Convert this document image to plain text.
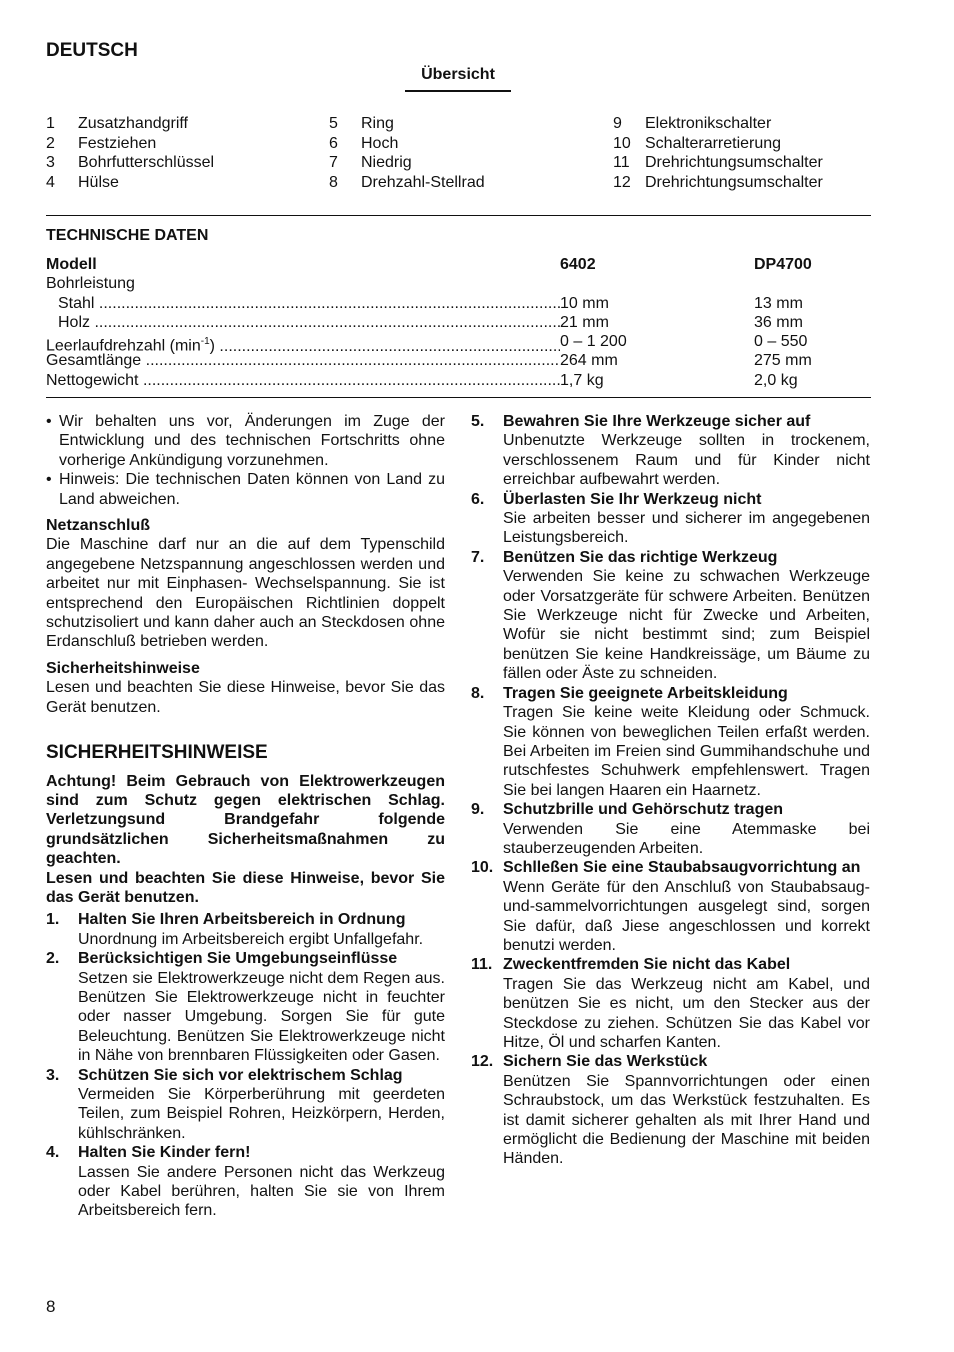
DEUTSCH
Übersicht
1	Zusatzhandgriff
2	Festziehen
3	Bohrfutterschlüssel
4	Hülse
5	Ring
6	Hoch
7	Niedrig
8	Drehzahl-Stellrad
9	Elektronikschalter
10 Schalterarretierung
11 Drehrichtungsumschalter
12 Drehrichtungsumschalter
TECHNISCHE DATEN
Modell	6402	DP4700
Bohrleistung
Stahl .....	10 mm	13 mm
Holz .....	21 mm	36 mm
Leerlaufdrehzahl $(\min^{-1})$ .....	0 – 1 200	0 – 550
Gesamtlänge .....	264 mm	275 mm
Nettogewicht .....	1,7 kg	2,0 kg

• Wir behalten uns vor, Änderungen im Zuge der Entwicklung und des technischen Fortschritts ohne vorherige Ankündigung vorzunehmen.

• Hinweis: Die technischen Daten können von Land zu Land abweichen.

Netzanschluß

Die Maschine darf nur an die auf dem Typenschild angegebene Netzspannung angeschlossen werden und arbeitet nur mit Einphasen- Wechselspannung. Sie ist entsprechend den Europäischen Richtlinien doppelt schutzisoliert und kann daher auch an Steckdosen ohne Erdanschluß betrieben werden.

Sicherheitshinweise

Lesen und beachten Sie diese Hinweise, bevor Sie das Gerät benutzen.

SICHERHEITSHINWEISE

Achtung! Beim Gebrauch von Elektrowerkzeugen sind zum Schutz gegen elektrischen Schlag. Verletzungsund Brandgefahr folgende grundsätzlichen Sicherheitsmaßnahmen zu geachten.

Lesen und beachten Sie diese Hinweise, bevor Sie das Gerät benutzen.

1. Halten Sie Ihren Arbeitsbereich in Ordnung

Unordnung im Arbeitsbereich ergibt Unfallgefahr.

2. Berücksichtigen Sie Umgebungseinflüsse

Setzen sie Elektrowerkzeuge nicht dem Regen aus. Benützen Sie Elektrowerkzeuge nicht in feuchter oder nasser Umgebung. Sorgen Sie für gute Beleuchtung. Benützen Sie Elektrowerkzeuge nicht in Nähe von brennbaren Flüssigkeiten oder Gasen.

3. Schützen Sie sich vor elektrischem Schlag

Vermeiden Sie Körperberührung mit geerdeten Teilen, zum Beispiel Rohren, Heizkörpern, Herden, kühlschränken.

4. Halten Sie Kinder fern!

Lassen Sie andere Personen nicht das Werkzeug oder Kabel berühren, halten Sie sie von Ihrem Arbeitsbereich fern.

5. Bewahren Sie Ihre Werkzeuge sicher auf

Unbenutzte Werkzeuge sollten in trockenem, verschlossenem Raum und für Kinder nicht erreichbar aufbewahrt werden.

6. Überlasten Sie Ihr Werkzeug nicht

Sie arbeiten besser und sicherer im angegebenen Leistungsbereich.

7. Benützen Sie das richtige Werkzeug

Verwenden Sie keine zu schwachen Werkzeuge oder Vorsatzgeräte für schwere Arbeiten. Benützen Sie Werkzeuge nicht für Zwecke und Arbeiten, Wofür sie nicht bestimmt sind; zum Beispiel benützen Sie keine Handkreissäge, um Bäume zu fällen oder Äste zu schneiden.

8. Tragen Sie geeignete Arbeitskleidung

Tragen Sie keine weite Kleidung oder Schmuck. Sie können von beweglichen Teilen erfaßt werden. Bei Arbeiten im Freien sind Gummihandschuhe und rutschfestes Schuhwerk empfehlenswert. Tragen Sie bei langen Haaren ein Haarnetz.

9. Schutzbrille und Gehörschutz tragen

Verwenden Sie eine Atemmaske bei stauberzeugenden Arbeiten.

10. Schlleßen Sie eine Staubabsaugvorrichtung an

Wenn Geräte für den Anschluß von Staubabsaug-und-sammelvorrichtungen ausgelegt sind, sorgen Sie dafür, daß Jiese angeschlossen und korrekt benutzi werden.

11. Zweckentfremden Sie nicht das Kabel

Tragen Sie das Werkzeug nicht am Kabel, und benützen Sie es nicht, um den Stecker aus der Steckdose zu ziehen. Schützen Sie das Kabel vor Hitze, Öl und scharfen Kanten.

12. Sichern Sie das Werkstück

Benützen Sie Spannvorrichtungen oder einen Schraubstock, um das Werkstück festzuhalten. Es ist damit sicherer gehalten als mit Ihrer Hand und ermöglicht die Bedienung der Maschine mit beiden Händen.

8
